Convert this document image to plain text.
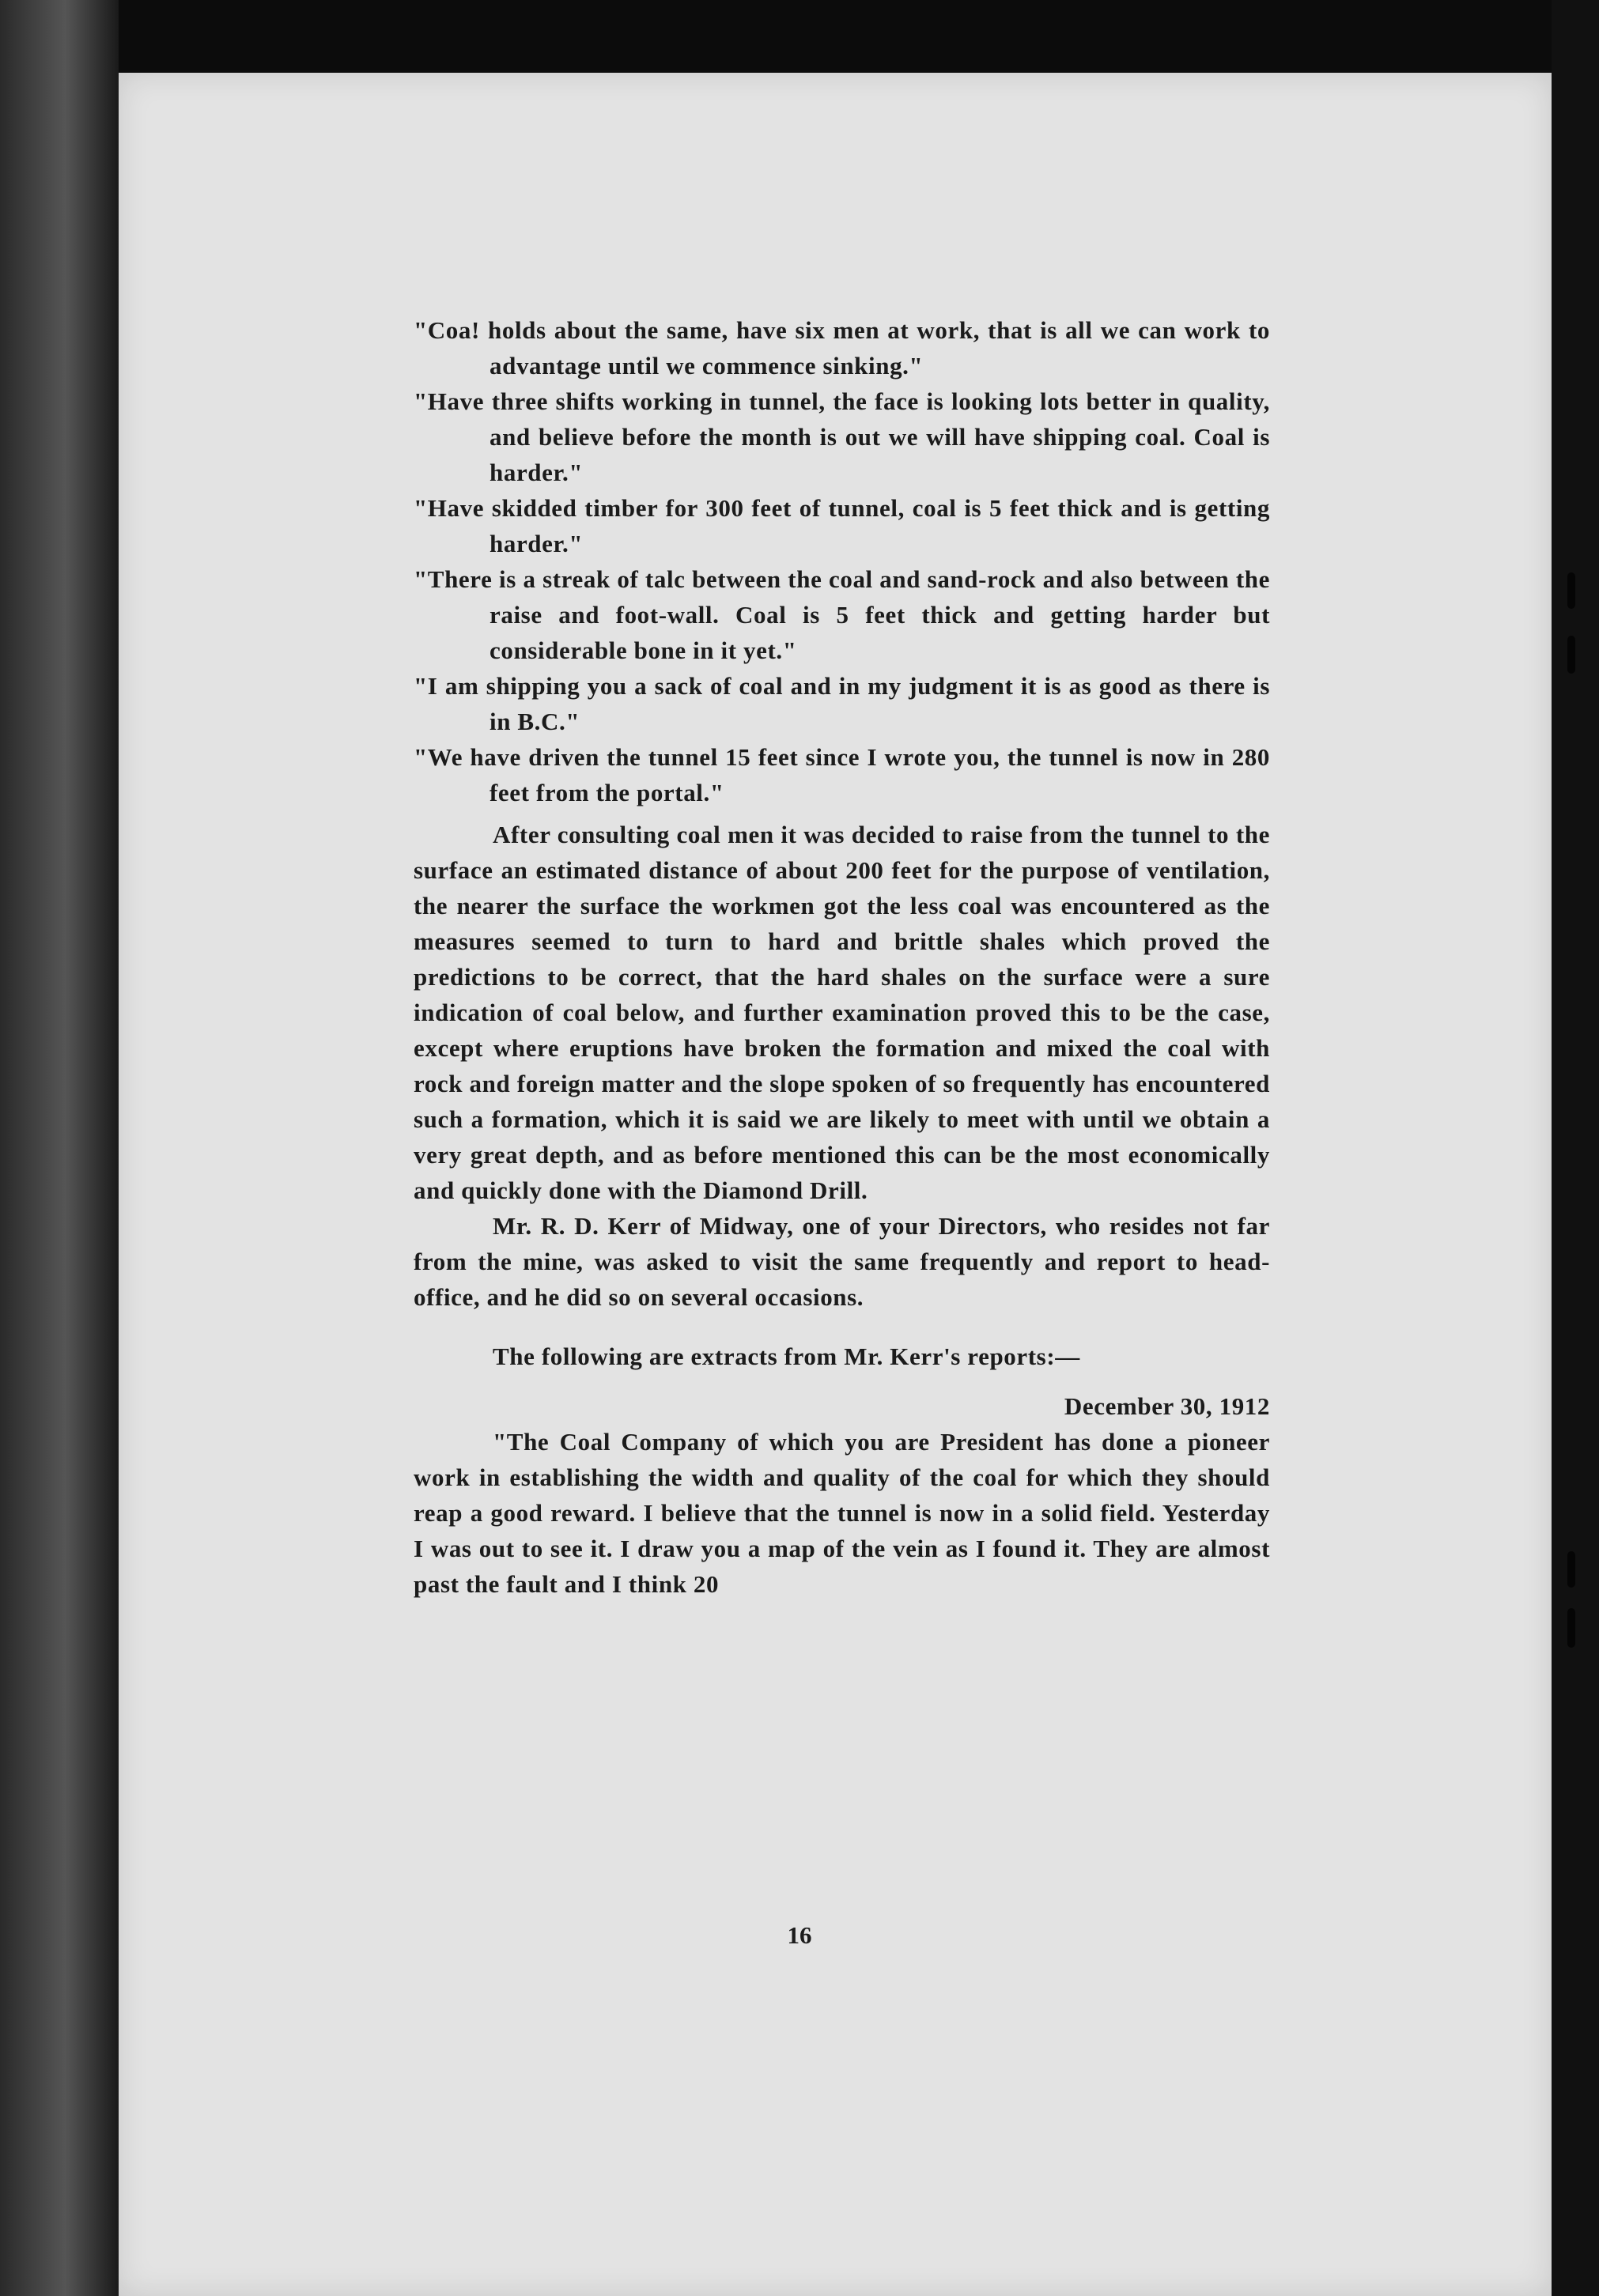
"Coa! holds about the same, have six men at work, that is all we can work to advantage until we commence sinking."

"Have three shifts working in tunnel, the face is looking lots better in quality, and believe before the month is out we will have shipping coal. Coal is harder."

"Have skidded timber for 300 feet of tunnel, coal is 5 feet thick and is getting harder."

"There is a streak of talc between the coal and sand-rock and also between the raise and foot-wall. Coal is 5 feet thick and getting harder but considerable bone in it yet."

"I am shipping you a sack of coal and in my judgment it is as good as there is in B.C."

"We have driven the tunnel 15 feet since I wrote you, the tunnel is now in 280 feet from the portal."

After consulting coal men it was decided to raise from the tunnel to the surface an estimated distance of about 200 feet for the purpose of ventilation, the nearer the surface the workmen got the less coal was encountered as the measures seemed to turn to hard and brittle shales which proved the predictions to be correct, that the hard shales on the surface were a sure indication of coal below, and further examination proved this to be the case, except where eruptions have broken the formation and mixed the coal with rock and foreign matter and the slope spoken of so frequently has encountered such a formation, which it is said we are likely to meet with until we obtain a very great depth, and as before mentioned this can be the most economically and quickly done with the Diamond Drill.

Mr. R. D. Kerr of Midway, one of your Directors, who resides not far from the mine, was asked to visit the same frequently and report to head-office, and he did so on several occasions.

The following are extracts from Mr. Kerr's reports:—

December 30, 1912

"The Coal Company of which you are President has done a pioneer work in establishing the width and quality of the coal for which they should reap a good reward. I believe that the tunnel is now in a solid field. Yesterday I was out to see it. I draw you a map of the vein as I found it. They are almost past the fault and I think 20

16
